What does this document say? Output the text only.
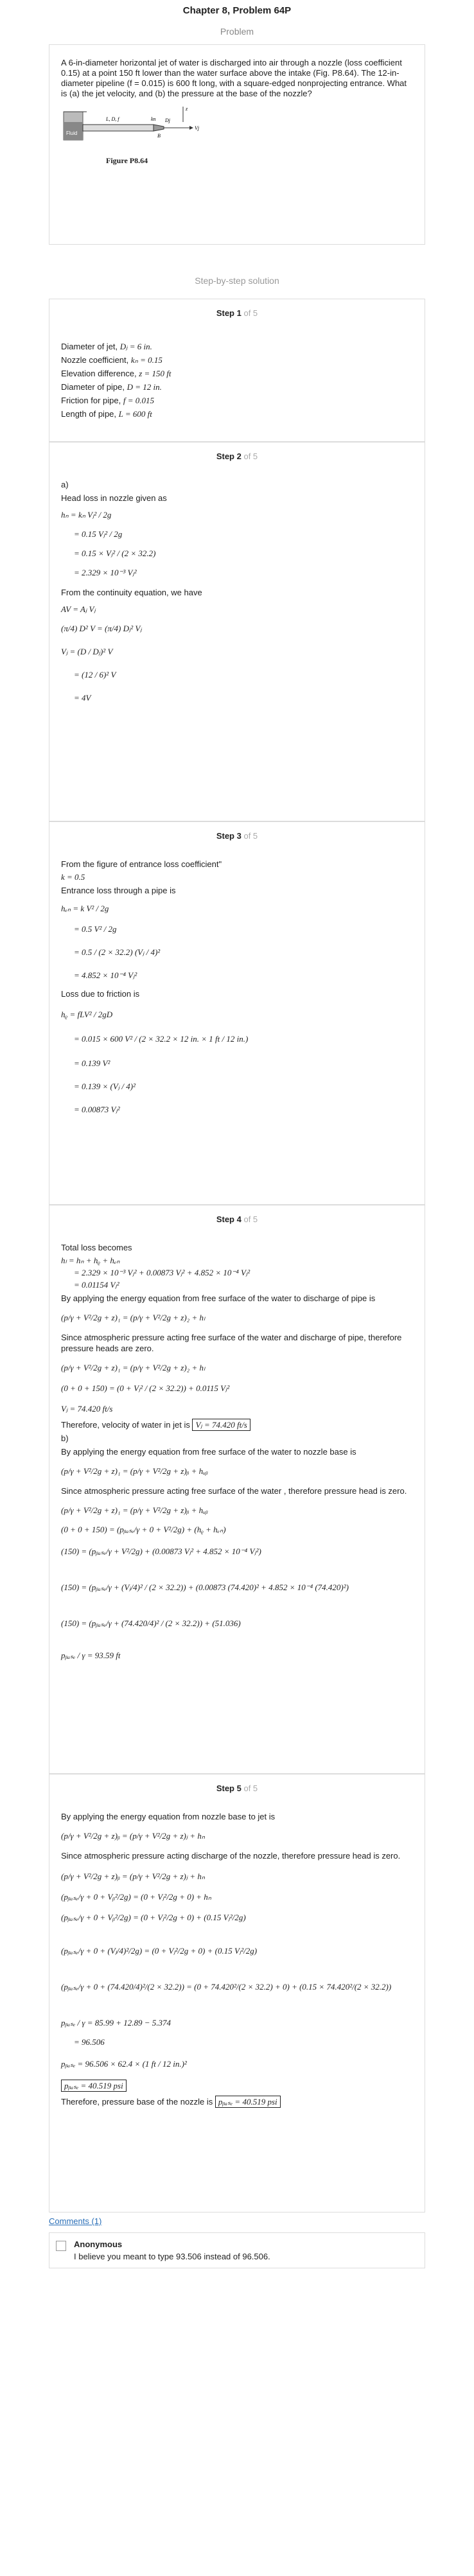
Chapter 8, Problem 64P
Problem

A 6-in-diameter horizontal jet of water is discharged into air through a nozzle (loss coefficient 0.15) at a point 150 ft lower than the water surface above the intake (Fig. P8.64). The 12-in-diameter pipeline (f = 0.015) is 600 ft long, with a square-edged nonprojecting entrance. What is (a) the jet velocity, and (b) the pressure at the base of the nozzle?

Fluid
L, D, f	kn Dj
Vj
B
z
Figure P8.64
Step-by-step solution
Step 1 of 5
Diameter of jet, Dⱼ = 6 in.
Nozzle coefficient, kₙ = 0.15
Elevation difference, z = 150 ft
Diameter of pipe, D = 12 in.
Friction for pipe, f = 0.015
Length of pipe, L = 600 ft
Step 2 of 5
a)
Head loss in nozzle given as
hₙ = kₙ Vⱼ² / 2g
= 0.15 Vⱼ² / 2g
= 0.15 × Vⱼ² / (2 × 32.2)
= 2.329 × 10⁻³ Vⱼ²
From the continuity equation, we have
AV = Aⱼ Vⱼ
(π/4) D² V = (π/4) Dⱼ² Vⱼ
Vⱼ = (D / Dⱼ)² V
= (12 / 6)² V
= 4V
Step 3 of 5
From the figure of entrance loss coefficient"
k = 0.5
Entrance loss through a pipe is
hₑₙ = k V² / 2g
= 0.5 V² / 2g
= 0.5 / (2 × 32.2) (Vⱼ / 4)²
= 4.852 × 10⁻⁴ Vⱼ²
Loss due to friction is
hᵨ = fLV² / 2gD
= 0.015 × 600 V² / (2 × 32.2 × 12 in. × 1 ft / 12 in.)
= 0.139 V²
= 0.139 × (Vⱼ / 4)²
= 0.00873 Vⱼ²
Step 4 of 5
Total loss becomes
hₗ = hₙ + hᵨ + hₑₙ
= 2.329 × 10⁻³ Vⱼ² + 0.00873 Vⱼ² + 4.852 × 10⁻⁴ Vⱼ²
= 0.01154 Vⱼ²
By applying the energy equation from free surface of the water to discharge of pipe is
(p/γ + V²/2g + z)₁ = (p/γ + V²/2g + z)₂ + hₗ
Since atmospheric pressure acting free surface of the water and discharge of pipe, therefore pressure heads are zero.
(p/γ + V²/2g + z)₁ = (p/γ + V²/2g + z)₂ + hₗ
(0 + 0 + 150) = (0 + Vⱼ² / (2 × 32.2)) + 0.0115 Vⱼ²
Vⱼ = 74.420 ft/s
Therefore, velocity of water in jet is Vⱼ = 74.420 ft/s
b)
By applying the energy equation from free surface of the water to nozzle base is
(p/γ + V²/2g + z)₁ = (p/γ + V²/2g + z)ᵦ + hᵤᵦ
Since atmospheric pressure acting free surface of the water , therefore pressure head is zero.
(p/γ + V²/2g + z)₁ = (p/γ + V²/2g + z)ᵦ + hᵤᵦ
(0 + 0 + 150) = (pᵦₐₛₑ/γ + 0 + V²/2g) + (hᵨ + hₑₙ)
(150) = (pᵦₐₛₑ/γ + V²/2g) + (0.00873 Vⱼ² + 4.852 × 10⁻⁴ Vⱼ²)
(150) = (pᵦₐₛₑ/γ + (Vⱼ/4)² / (2 × 32.2)) + (0.00873 (74.420)² + 4.852 × 10⁻⁴ (74.420)²)
(150) = (pᵦₐₛₑ/γ + (74.420/4)² / (2 × 32.2)) + (51.036)
pᵦₐₛₑ / γ = 93.59 ft
Step 5 of 5
By applying the energy equation from nozzle base to jet is
(p/γ + V²/2g + z)ᵦ = (p/γ + V²/2g + z)ⱼ + hₙ
Since atmospheric pressure acting discharge of the nozzle, therefore pressure head is zero.
(p/γ + V²/2g + z)ᵦ = (p/γ + V²/2g + z)ⱼ + hₙ
(pᵦₐₛₑ/γ + 0 + Vᵦ²/2g) = (0 + Vⱼ²/2g + 0) + hₙ
(pᵦₐₛₑ/γ + 0 + Vᵦ²/2g) = (0 + Vⱼ²/2g + 0) + (0.15 Vⱼ²/2g)
(pᵦₐₛₑ/γ + 0 + (Vⱼ/4)²/2g) = (0 + Vⱼ²/2g + 0) + (0.15 Vⱼ²/2g)
(pᵦₐₛₑ/γ + 0 + (74.420/4)²/(2 × 32.2)) = (0 + 74.420²/(2 × 32.2) + 0) + (0.15 × 74.420²/(2 × 32.2))
pᵦₐₛₑ / γ = 85.99 + 12.89 − 5.374
= 96.506
pᵦₐₛₑ = 96.506 × 62.4 × (1 ft / 12 in.)²
pᵦₐₛₑ = 40.519 psi
Therefore, pressure base of the nozzle is pᵦₐₛₑ = 40.519 psi
Comments (1)
Anonymous
I believe you meant to type 93.506 instead of 96.506.
